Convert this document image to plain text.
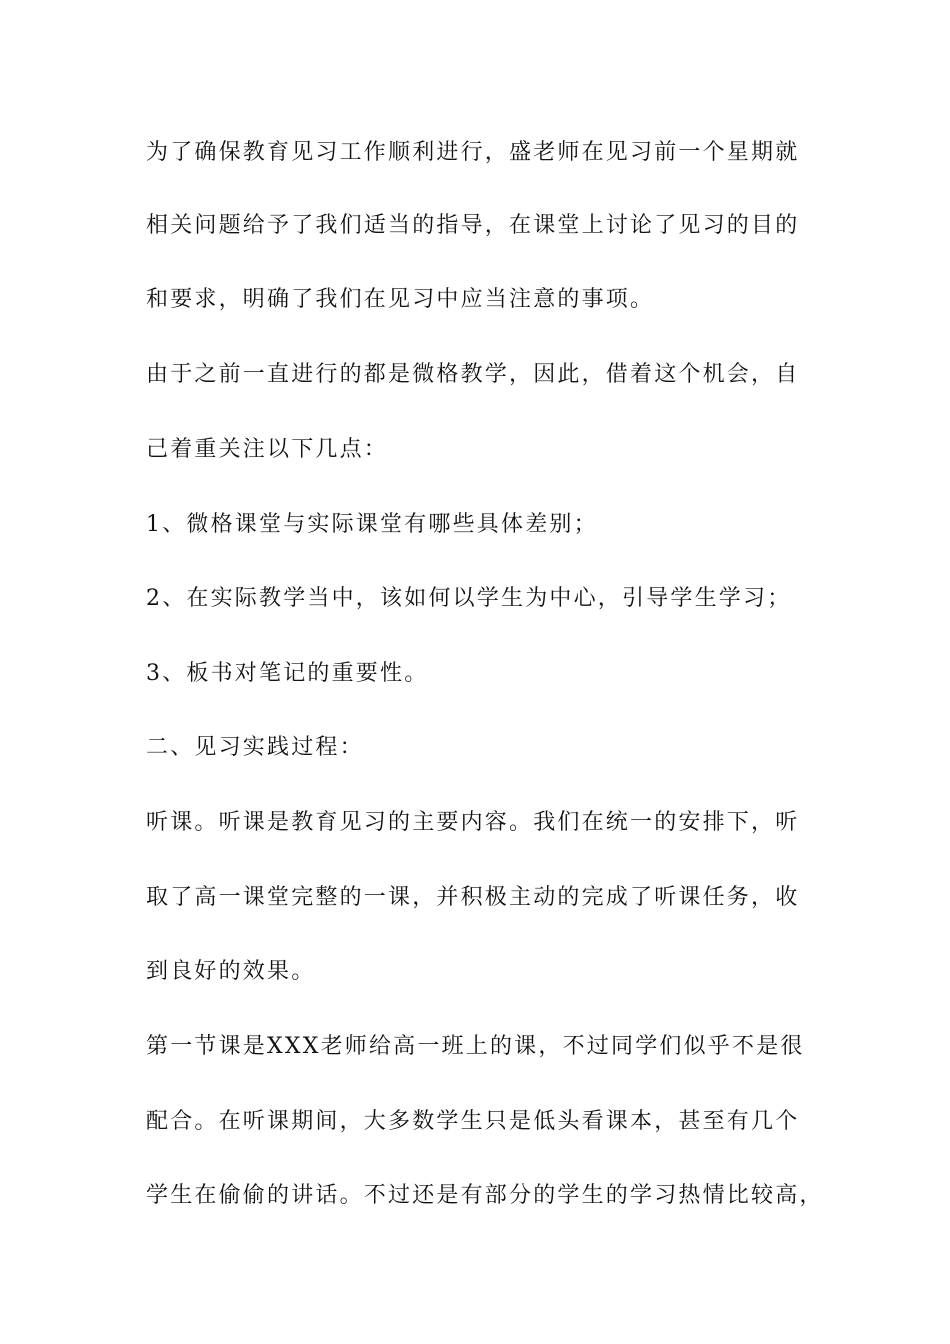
为了确保教育见习工作顺利进行，盛老师在见习前一个星期就
相关问题给予了我们适当的指导，在课堂上讨论了见习的目的
和要求，明确了我们在见习中应当注意的事项。
由于之前一直进行的都是微格教学，因此，借着这个机会，自
己着重关注以下几点：
1、微格课堂与实际课堂有哪些具体差别；
2、在实际教学当中，该如何以学生为中心，引导学生学习；
3、板书对笔记的重要性。
二、见习实践过程：
听课。听课是教育见习的主要内容。我们在统一的安排下，听
取了高一课堂完整的一课，并积极主动的完成了听课任务，收
到良好的效果。
第一节课是XXX老师给高一班上的课，不过同学们似乎不是很
配合。在听课期间，大多数学生只是低头看课本，甚至有几个
学生在偷偷的讲话。不过还是有部分的学生的学习热情比较高，
